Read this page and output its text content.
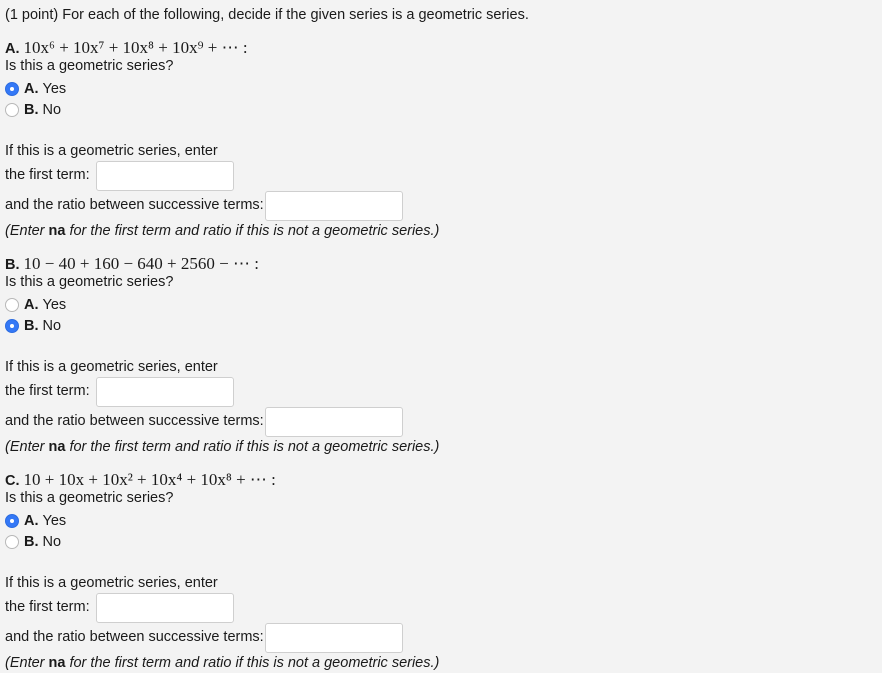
(1 point) For each of the following, decide if the given series is a geometric series.
A. 10x⁶ + 10x⁷ + 10x⁸ + 10x⁹ + ⋯ :
Is this a geometric series?
A. Yes
B. No
If this is a geometric series, enter
the first term:
and the ratio between successive terms:
(Enter na for the first term and ratio if this is not a geometric series.)
B. 10 − 40 + 160 − 640 + 2560 − ⋯ :
Is this a geometric series?
A. Yes
B. No
If this is a geometric series, enter
the first term:
and the ratio between successive terms:
(Enter na for the first term and ratio if this is not a geometric series.)
C. 10 + 10x + 10x² + 10x⁴ + 10x⁸ + ⋯ :
Is this a geometric series?
A. Yes
B. No
If this is a geometric series, enter
the first term:
and the ratio between successive terms:
(Enter na for the first term and ratio if this is not a geometric series.)
